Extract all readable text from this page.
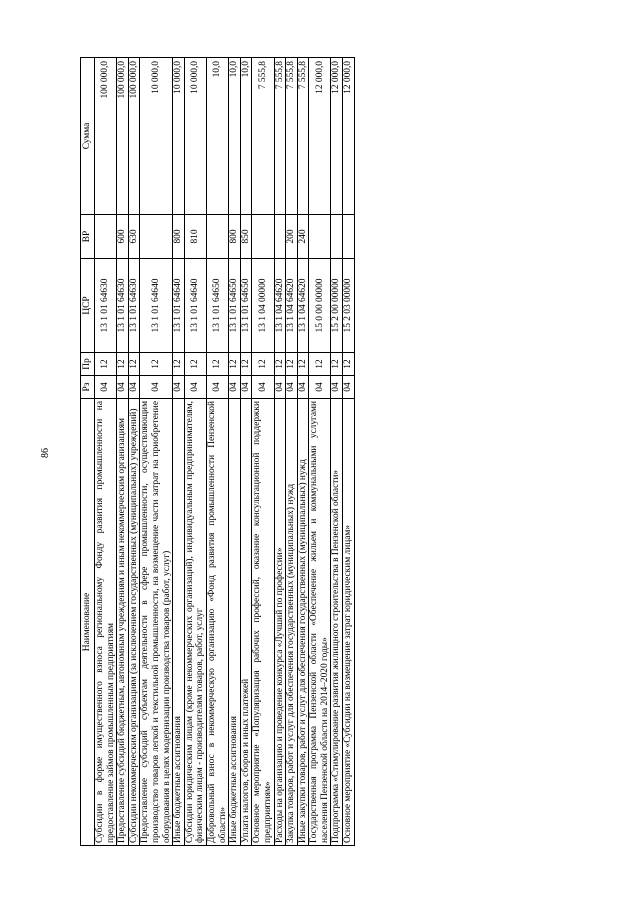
86
Наименование	Рз	Пр	ЦСР	ВР	Сумма
Субсидии в форме имущественного взноса региональному Фонду развития промышленности на предоставление займов промышленным предприятиям	04	12	13 1 01 64630		100 000,0
Предоставление субсидий бюджетным, автономным учреждениям и иным некоммерческим организациям	04	12	13 1 01 64630	600	100 000,0
Субсидии некоммерческим организациям (за исключением государственных (муниципальных) учреждений)	04	12	13 1 01 64630	630	100 000,0
Предоставление субсидий субъектам деятельности в сфере промышленности, осуществляющим производство товаров легкой и текстильной промышленности, на возмещение части затрат на приобретение оборудования в целях модернизации производства товаров (работ, услуг)	04	12	13 1 01 64640		10 000,0
Иные бюджетные ассигнования	04	12	13 1 01 64640	800	10 000,0
Субсидии юридическим лицам (кроме некоммерческих организаций), индивидуальным предпринимателям, физическим лицам - производителям товаров, работ, услуг	04	12	13 1 01 64640	810	10 000,0
Добровольный взнос в некоммерческую организацию «Фонд развития промышленности Пензенской области»	04	12	13 1 01 64650		10,0
Иные бюджетные ассигнования	04	12	13 1 01 64650	800	10,0
Уплата налогов, сборов и иных платежей	04	12	13 1 01 64650	850	10,0
Основное мероприятие «Популяризация рабочих профессий, оказание консультационной поддержки предприятиям»	04	12	13 1 04 00000		7 555,8
Расходы на организацию и проведение конкурса «Лучший по профессии»	04	12	13 1 04 64620		7 555,8
Закупка товаров, работ и услуг для обеспечения государственных (муниципальных) нужд	04	12	13 1 04 64620	200	7 555,8
Иные закупки товаров, работ и услуг для обеспечения государственных (муниципальных) нужд	04	12	13 1 04 64620	240	7 555,8
Государственная программа Пензенской области «Обеспечение жильем и коммунальными услугами населения Пензенской области на 2014–2020 годы»	04	12	15 0 00 00000		12 000,0
Подпрограмма «Стимулирование развития жилищного строительства в Пензенской области»	04	12	15 2 00 00000		12 000,0
Основное мероприятие «Субсидии на возмещение затрат юридическим лицам»	04	12	15 2 03 00000		12 000,0
